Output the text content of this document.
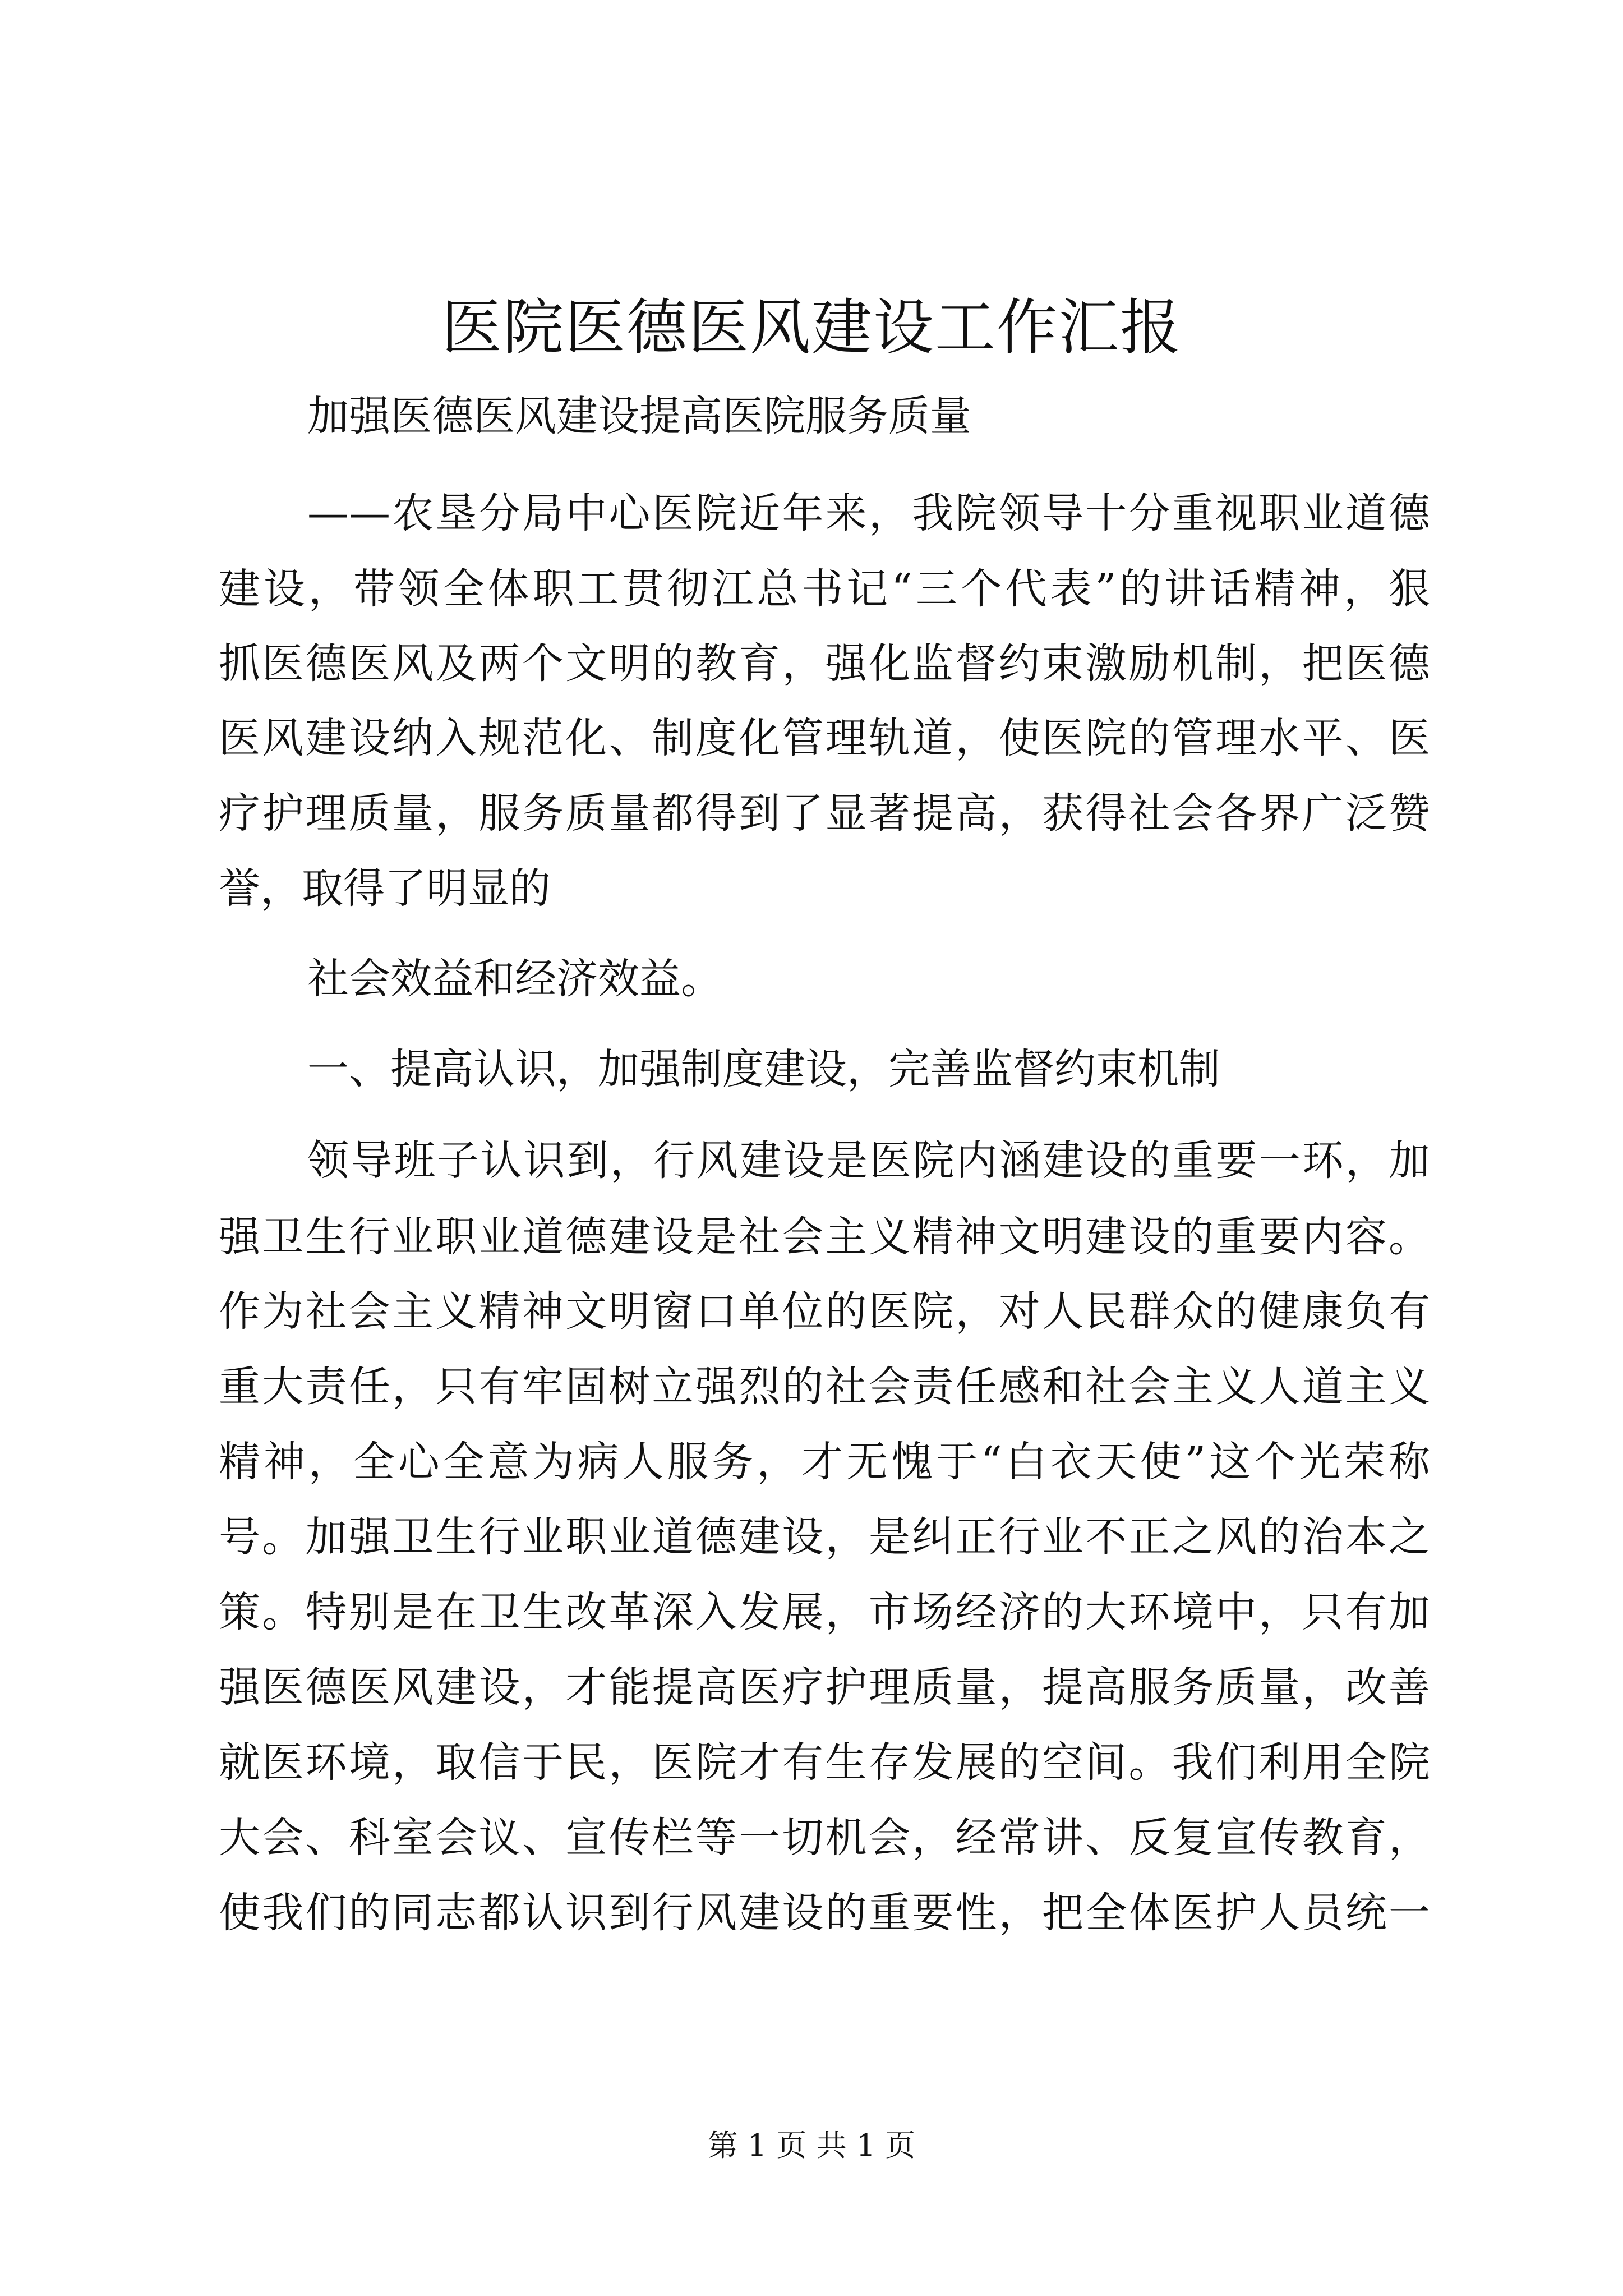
医院医德医风建设工作汇报

加强医德医风建设提高医院服务质量

——农垦分局中心医院近年来，我院领导十分重视职业道德

建设，带领全体职工贯彻江总书记“三个代表”的讲话精神，狠

抓医德医风及两个文明的教育，强化监督约束激励机制，把医德

医风建设纳入规范化、制度化管理轨道，使医院的管理水平、医

疗护理质量，服务质量都得到了显著提高，获得社会各界广泛赞

誉，取得了明显的

社会效益和经济效益。

一、提高认识，加强制度建设，完善监督约束机制

领导班子认识到，行风建设是医院内涵建设的重要一环，加

强卫生行业职业道德建设是社会主义精神文明建设的重要内容。

作为社会主义精神文明窗口单位的医院，对人民群众的健康负有

重大责任，只有牢固树立强烈的社会责任感和社会主义人道主义

精神，全心全意为病人服务，才无愧于“白衣天使”这个光荣称

号。加强卫生行业职业道德建设，是纠正行业不正之风的治本之

策。特别是在卫生改革深入发展，市场经济的大环境中，只有加

强医德医风建设，才能提高医疗护理质量，提高服务质量，改善

就医环境，取信于民，医院才有生存发展的空间。我们利用全院

大会、科室会议、宣传栏等一切机会，经常讲、反复宣传教育，

使我们的同志都认识到行风建设的重要性，把全体医护人员统一

第 1 页 共 1 页
